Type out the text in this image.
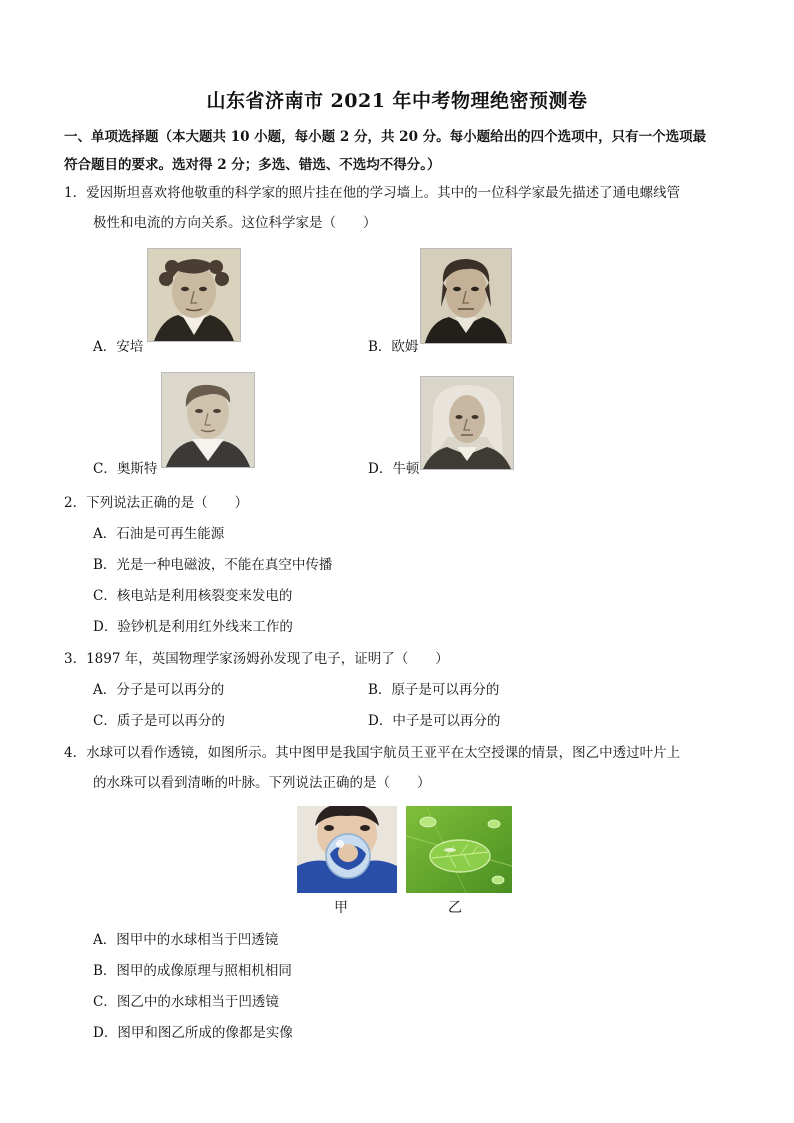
山东省济南市 2021 年中考物理绝密预测卷
一、单项选择题（本大题共 10 小题，每小题 2 分，共 20 分。每小题给出的四个选项中，只有一个选项最
符合题目的要求。选对得 2 分；多选、错选、不选均不得分。）
1．爱因斯坦喜欢将他敬重的科学家的照片挂在他的学习墙上。其中的一位科学家最先描述了通电螺线管
极性和电流的方向关系。这位科学家是（　　）
A．安培	B．欧姆
C．奥斯特	D．牛顿
2．下列说法正确的是（　　）
A．石油是可再生能源
B．光是一种电磁波，不能在真空中传播
C．核电站是利用核裂变来发电的
D．验钞机是利用红外线来工作的
3．1897 年，英国物理学家汤姆孙发现了电子，证明了（　　）
A．分子是可以再分的	B．原子是可以再分的
C．质子是可以再分的	D．中子是可以再分的
4．水球可以看作透镜，如图所示。其中图甲是我国宇航员王亚平在太空授课的情景，图乙中透过叶片上
的水珠可以看到清晰的叶脉。下列说法正确的是（　　）
甲	乙
A．图甲中的水球相当于凹透镜
B．图甲的成像原理与照相机相同
C．图乙中的水球相当于凹透镜
D．图甲和图乙所成的像都是实像
